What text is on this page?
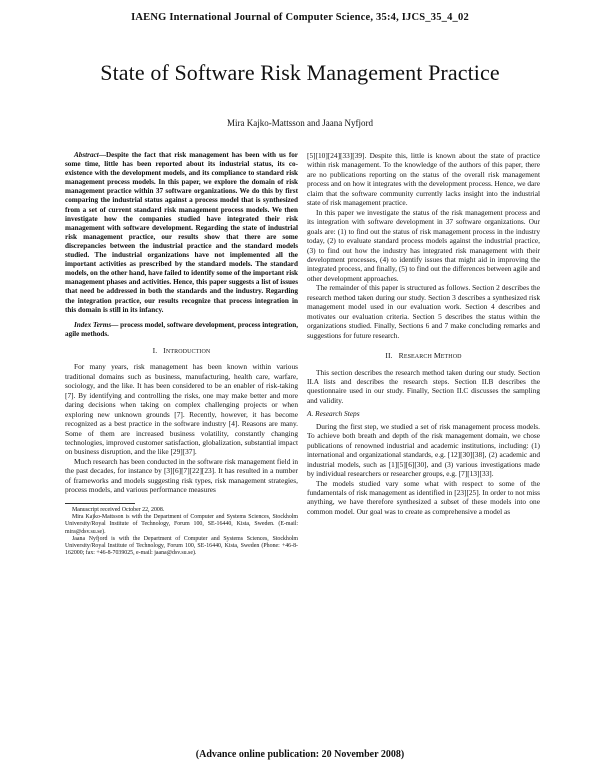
IAENG International Journal of Computer Science, 35:4, IJCS_35_4_02
State of Software Risk Management Practice
Mira Kajko-Mattsson and Jaana Nyfjord

Abstract—Despite the fact that risk management has been with us for some time, little has been reported about its industrial status, its co-existence with the development models, and its compliance to standard risk management process models. In this paper, we explore the domain of risk management practice within 37 software organizations. We do this by first comparing the industrial status against a process model that is synthesized from a set of current standard risk management process models. We then investigate how the companies studied have integrated their risk management with software development. Regarding the state of industrial risk management practice, our results show that there are some discrepancies between the industrial practice and the standard models studied. The industrial organizations have not implemented all the important activities as prescribed by the standard models. The standard models, on the other hand, have failed to identify some of the important risk management phases and activities. Hence, this paper suggests a list of issues that need be addressed in both the standards and the industry. Regarding the integration practice, our results recognize that process integration in this domain is still in its infancy.

Index Terms— process model, software development, process integration, agile methods.

I. INTRODUCTION

For many years, risk management has been known within various traditional domains such as business, manufacturing, health care, warfare, sociology, and the like. It has been considered to be an enabler of risk-taking [7]. By identifying and controlling the risks, one may make better and more daring decisions when taking on complex challenging projects or when exploring new unknown grounds [7]. Recently, however, it has become recognized as a best practice in the software industry [4]. Reasons are many. Some of them are increased business volatility, constantly changing technologies, improved customer satisfaction, globalization, substantial impact on business disruption, and the like [29][37].

Much research has been conducted in the software risk management field in the past decades, for instance by [3][6][7][22][23]. It has resulted in a number of frameworks and models suggesting risk types, risk management strategies, process models, and various performance measures

Manuscript received October 22, 2008.

Mira Kajko-Mattsson is with the Department of Computer and Systems Sciences, Stockholm University/Royal Institute of Technology, Forum 100, SE-16440, Kista, Sweden. (E-mail: mira@dsv.su.se).

Jaana Nyfjord is with the Department of Computer and Systems Sciences, Stockholm University/Royal Institute of Technology, Forum 100, SE-16440, Kista, Sweden (Phone: +46-8-162000; fax: +46-8-7039025, e-mail: jaana@dsv.su.se).

[5][10][24][33][39]. Despite this, little is known about the state of practice within risk management. To the knowledge of the authors of this paper, there are no publications reporting on the status of the overall risk management process and on how it integrates with the development process. Hence, we dare claim that the software community currently lacks insight into the industrial state of risk management practice.

In this paper we investigate the status of the risk management process and its integration with software development in 37 software organizations. Our goals are: (1) to find out the status of risk management process in the industry today, (2) to evaluate standard process models against the industrial practice, (3) to find out how the industry has integrated risk management with their development processes, (4) to identify issues that might aid in improving the integrated process, and finally, (5) to find out the differences between agile and other development approaches.

The remainder of this paper is structured as follows. Section 2 describes the research method taken during our study. Section 3 describes a synthesized risk management model used in our evaluation work. Section 4 describes and motivates our evaluation criteria. Section 5 describes the status within the organizations studied. Finally, Sections 6 and 7 make concluding remarks and suggestions for future research.

II. RESEARCH METHOD

This section describes the research method taken during our study. Section II.A lists and describes the research steps. Section II.B describes the questionnaire used in our study. Finally, Section II.C discusses the sampling and validity.

A. Research Steps

During the first step, we studied a set of risk management process models. To achieve both breath and depth of the risk management domain, we chose publications of renowned industrial and academic institutions, including: (1) international and organizational standards, e.g. [12][30][38], (2) academic and industrial models, such as [1][5][6][30], and (3) various investigations made by individual researchers or researcher groups, e.g. [7][13][33].

The models studied vary some what with respect to some of the fundamentals of risk management as identified in [23][25]. In order to not miss anything, we have therefore synthesized a subset of these models into one common model. Our goal was to create as comprehensive a model as

(Advance online publication: 20 November 2008)
